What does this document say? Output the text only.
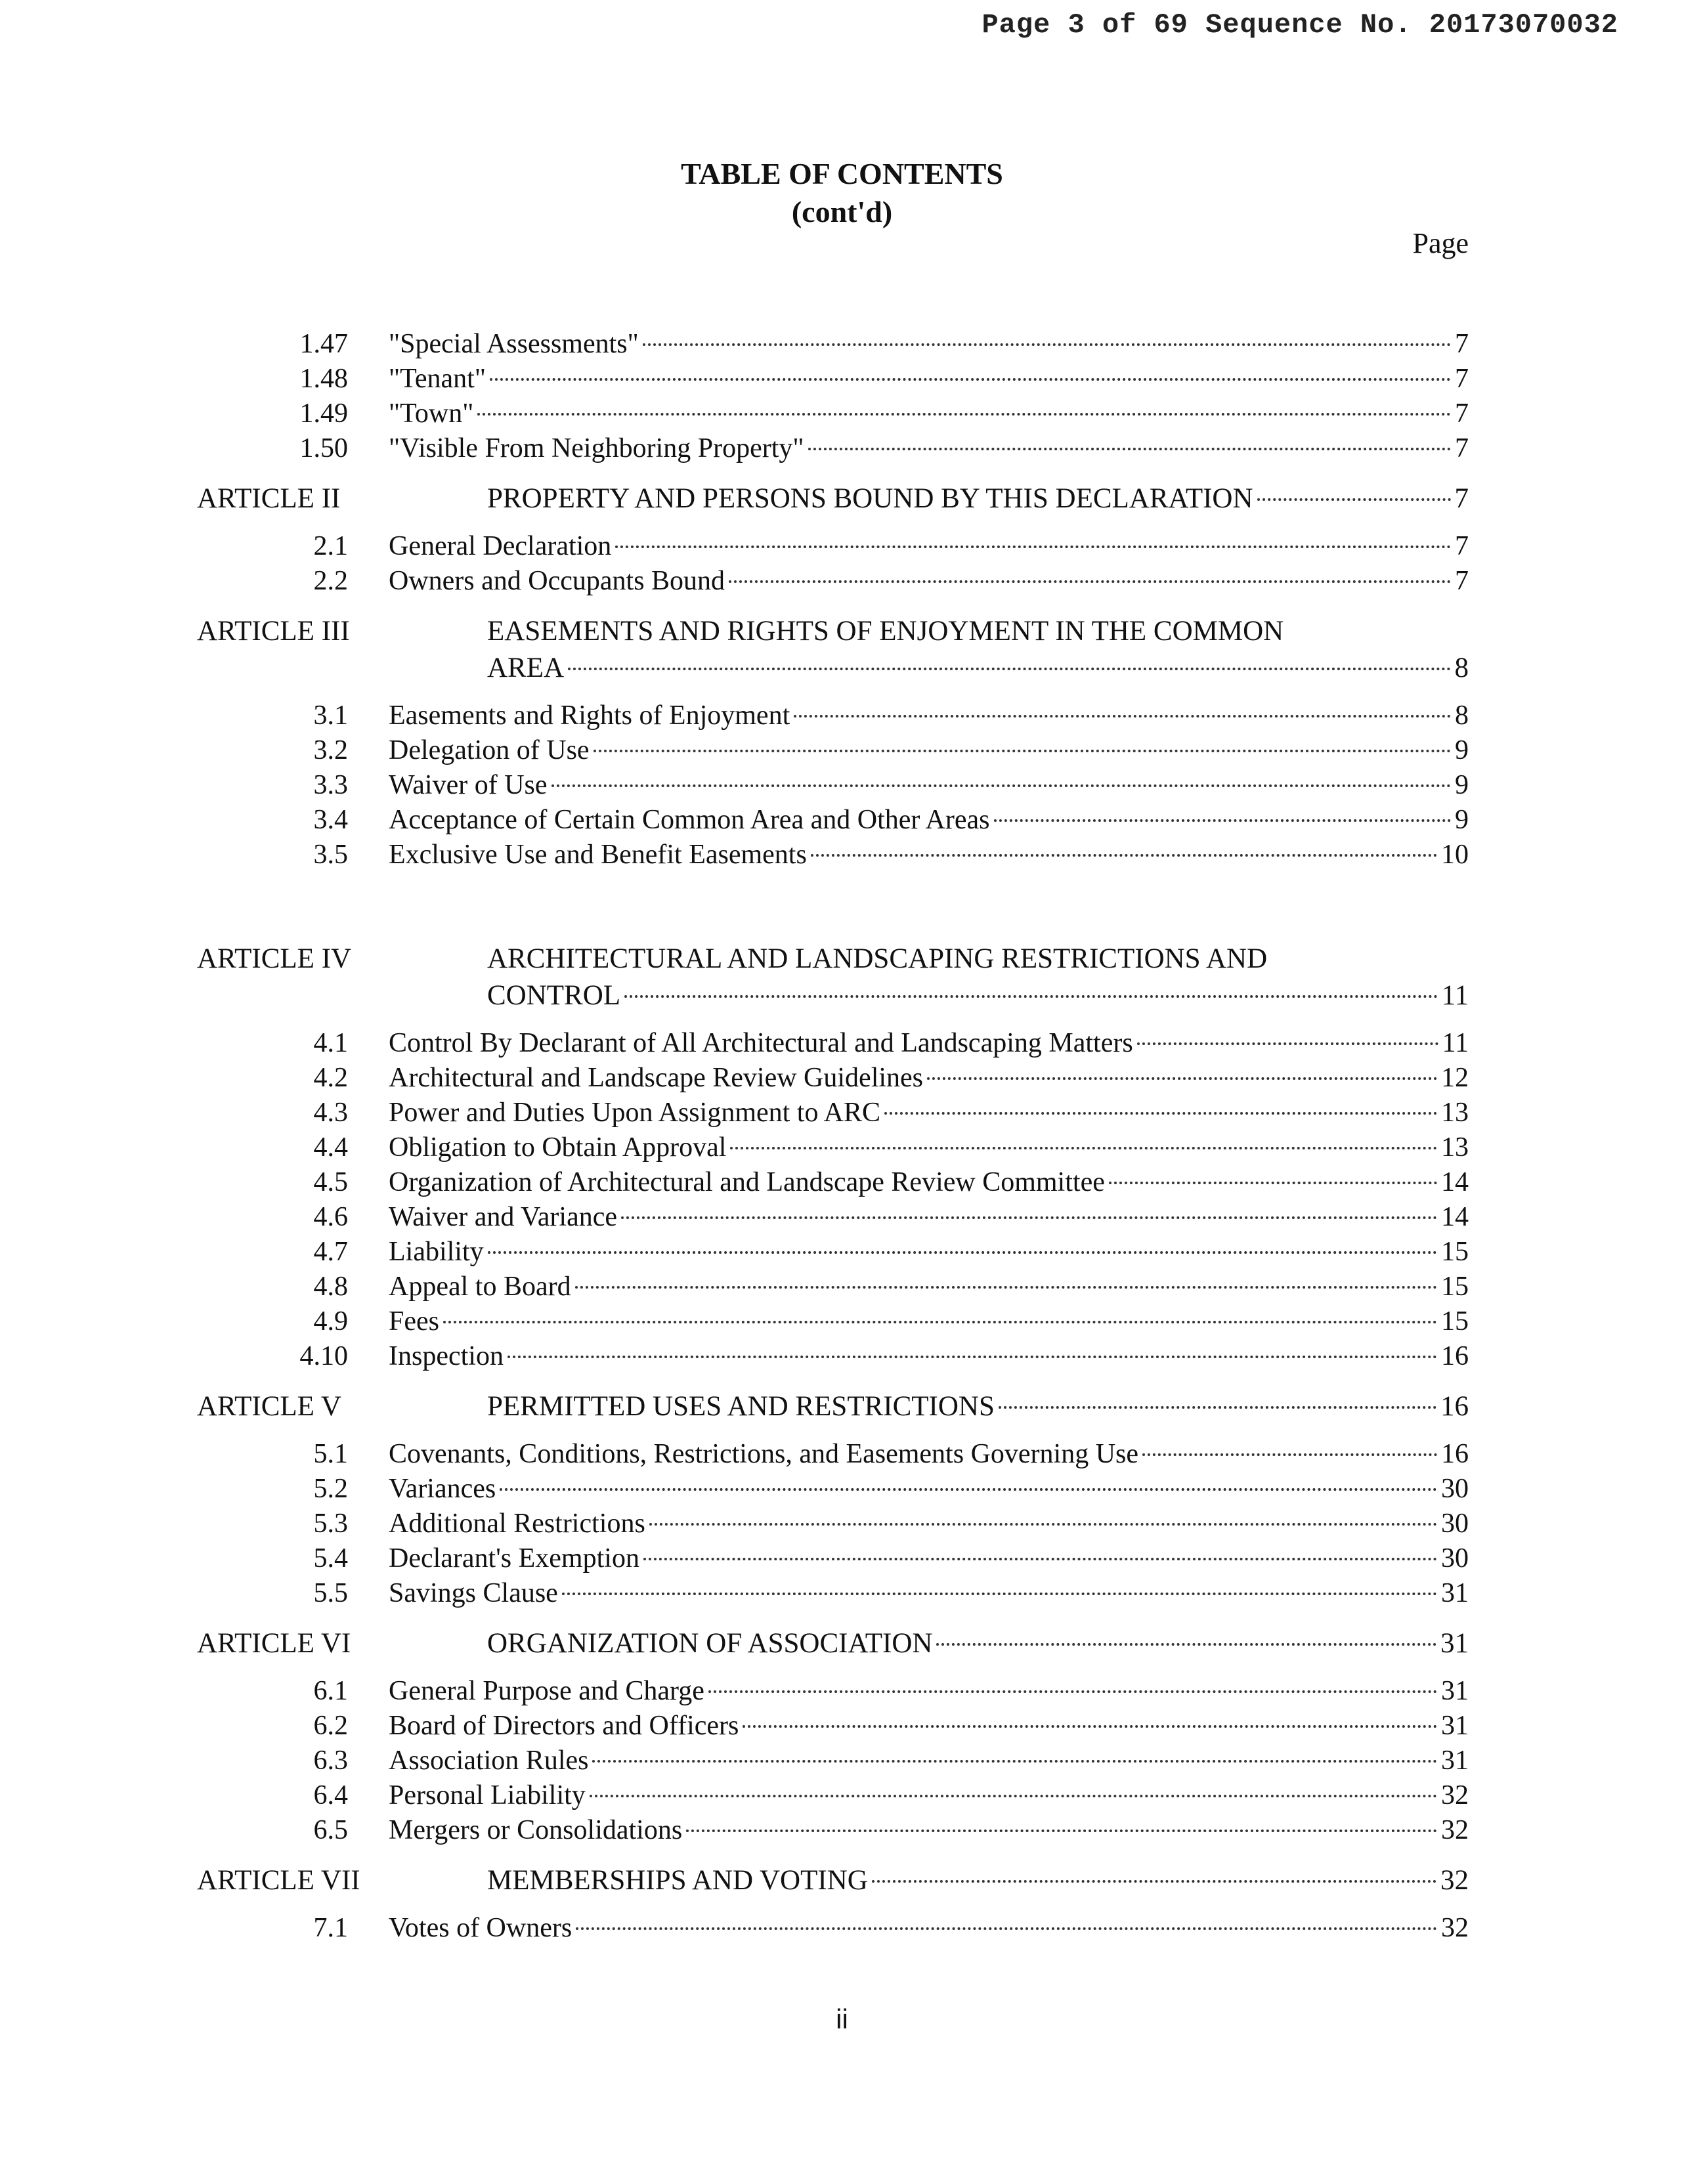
Page 3 of 69 Sequence No. 20173070032
TABLE OF CONTENTS
(cont'd)
Page
1.47 "Special Assessments"	7
1.48 "Tenant"	7
1.49 "Town"	7
1.50 "Visible From Neighboring Property"	7
ARTICLE II	PROPERTY AND PERSONS BOUND BY THIS DECLARATION	7
2.1 General Declaration	7
2.2 Owners and Occupants Bound	7
ARTICLE III	EASEMENTS AND RIGHTS OF ENJOYMENT IN THE COMMON
AREA	8
3.1 Easements and Rights of Enjoyment	8
3.2 Delegation of Use	9
3.3 Waiver of Use	9
3.4 Acceptance of Certain Common Area and Other Areas	9
3.5 Exclusive Use and Benefit Easements	10
ARTICLE IV	ARCHITECTURAL AND LANDSCAPING RESTRICTIONS AND
CONTROL	11
4.1 Control By Declarant of All Architectural and Landscaping Matters	11
4.2 Architectural and Landscape Review Guidelines	12
4.3 Power and Duties Upon Assignment to ARC	13
4.4 Obligation to Obtain Approval	13
4.5 Organization of Architectural and Landscape Review Committee	14
4.6 Waiver and Variance	14
4.7 Liability	15
4.8 Appeal to Board	15
4.9 Fees	15
4.10 Inspection	16
ARTICLE V	PERMITTED USES AND RESTRICTIONS	16
5.1 Covenants, Conditions, Restrictions, and Easements Governing Use	16
5.2 Variances	30
5.3 Additional Restrictions	30
5.4 Declarant's Exemption	30
5.5 Savings Clause	31
ARTICLE VI	ORGANIZATION OF ASSOCIATION	31
6.1 General Purpose and Charge	31
6.2 Board of Directors and Officers	31
6.3 Association Rules	31
6.4 Personal Liability	32
6.5 Mergers or Consolidations	32
ARTICLE VII	MEMBERSHIPS AND VOTING	32
7.1 Votes of Owners	32
ii
